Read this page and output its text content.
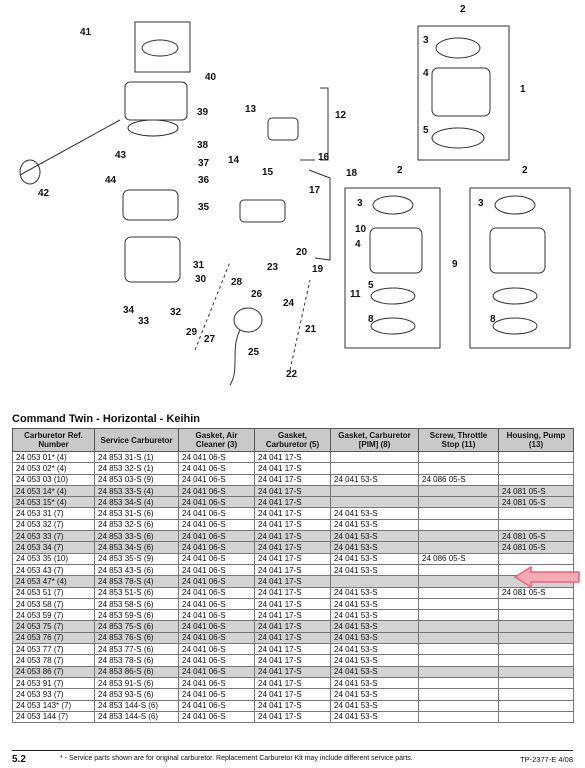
1
2
3
4
5
2	2
3	3
10
4
9
11
5
8	8
41
40
39
38
37
36
43
44
42
35
12
13
14
15
16
17
18
31
30
34
33
32
23
28
26
24
29
27
25
21
22
20
19
Command Twin - Horizontal - Keihin
Carburetor Ref. Number	Service Carburetor	Gasket, Air Cleaner (3)	Gasket, Carburetor (5)	Gasket, Carburetor [PIM] (8)	Screw, Throttle Stop (11)	Housing, Pump (13)
24 053 01* (4)	24 853 31-S (1)	24 041 06-S	24 041 17-S			
24 053 02* (4)	24 853 32-S (1)	24 041 06-S	24 041 17-S			
24 053 03 (10)	24 853 03-S (9)	24 041 06-S	24 041 17-S	24 041 53-S	24 086 05-S	
24 053 14* (4)	24 853 33-S (4)	24 041 06-S	24 041 17-S			24 081 05-S
24 053 15* (4)	24 853 34-S (4)	24 041 06-S	24 041 17-S			24 081 05-S
24 053 31 (7)	24 853 31-S (6)	24 041 06-S	24 041 17-S	24 041 53-S		
24 053 32 (7)	24 853 32-S (6)	24 041 06-S	24 041 17-S	24 041 53-S		
24 053 33 (7)	24 853 33-S (6)	24 041 06-S	24 041 17-S	24 041 53-S		24 081 05-S
24 053 34 (7)	24 853 34-S (6)	24 041 06-S	24 041 17-S	24 041 53-S		24 081 05-S
24 053 35 (10)	24 853 35-S (9)	24 041 06-S	24 041 17-S	24 041 53-S	24 086 05-S	
24 053 43 (7)	24 853 43-S (6)	24 041 06-S	24 041 17-S	24 041 53-S		
24 053 47* (4)	24 853 78-S (4)	24 041 06-S	24 041 17-S			
24 053 51 (7)	24 853 51-S (6)	24 041 06-S	24 041 17-S	24 041 53-S		24 081 05-S
24 053 58 (7)	24 853 58-S (6)	24 041 06-S	24 041 17-S	24 041 53-S		
24 053 59 (7)	24 853 59-S (6)	24 041 06-S	24 041 17-S	24 041 53-S		
24 053 75 (7)	24 853 75-S (6)	24 041 06-S	24 041 17-S	24 041 53-S		
24 053 76 (7)	24 853 76-S (6)	24 041 06-S	24 041 17-S	24 041 53-S		
24 053 77 (7)	24 853 77-S (6)	24 041 06-S	24 041 17-S	24 041 53-S		
24 053 78 (7)	24 853 78-S (6)	24 041 06-S	24 041 17-S	24 041 53-S		
24 053 86 (7)	24 853 86-S (6)	24 041 06-S	24 041 17-S	24 041 53-S		
24 053 91 (7)	24 853 91-S (6)	24 041 06-S	24 041 17-S	24 041 53-S		
24 053 93 (7)	24 853 93-S (6)	24 041 06-S	24 041 17-S	24 041 53-S		
24 053 143* (7)	24 853 144-S (6)	24 041 06-S	24 041 17-S	24 041 53-S		
24 053 144 (7)	24 853 144-S (6)	24 041 06-S	24 041 17-S	24 041 53-S		
5.2	* - Service parts shown are for original carburetor. Replacement Carburetor Kit may include different service parts.	TP-2377-E 4/08
